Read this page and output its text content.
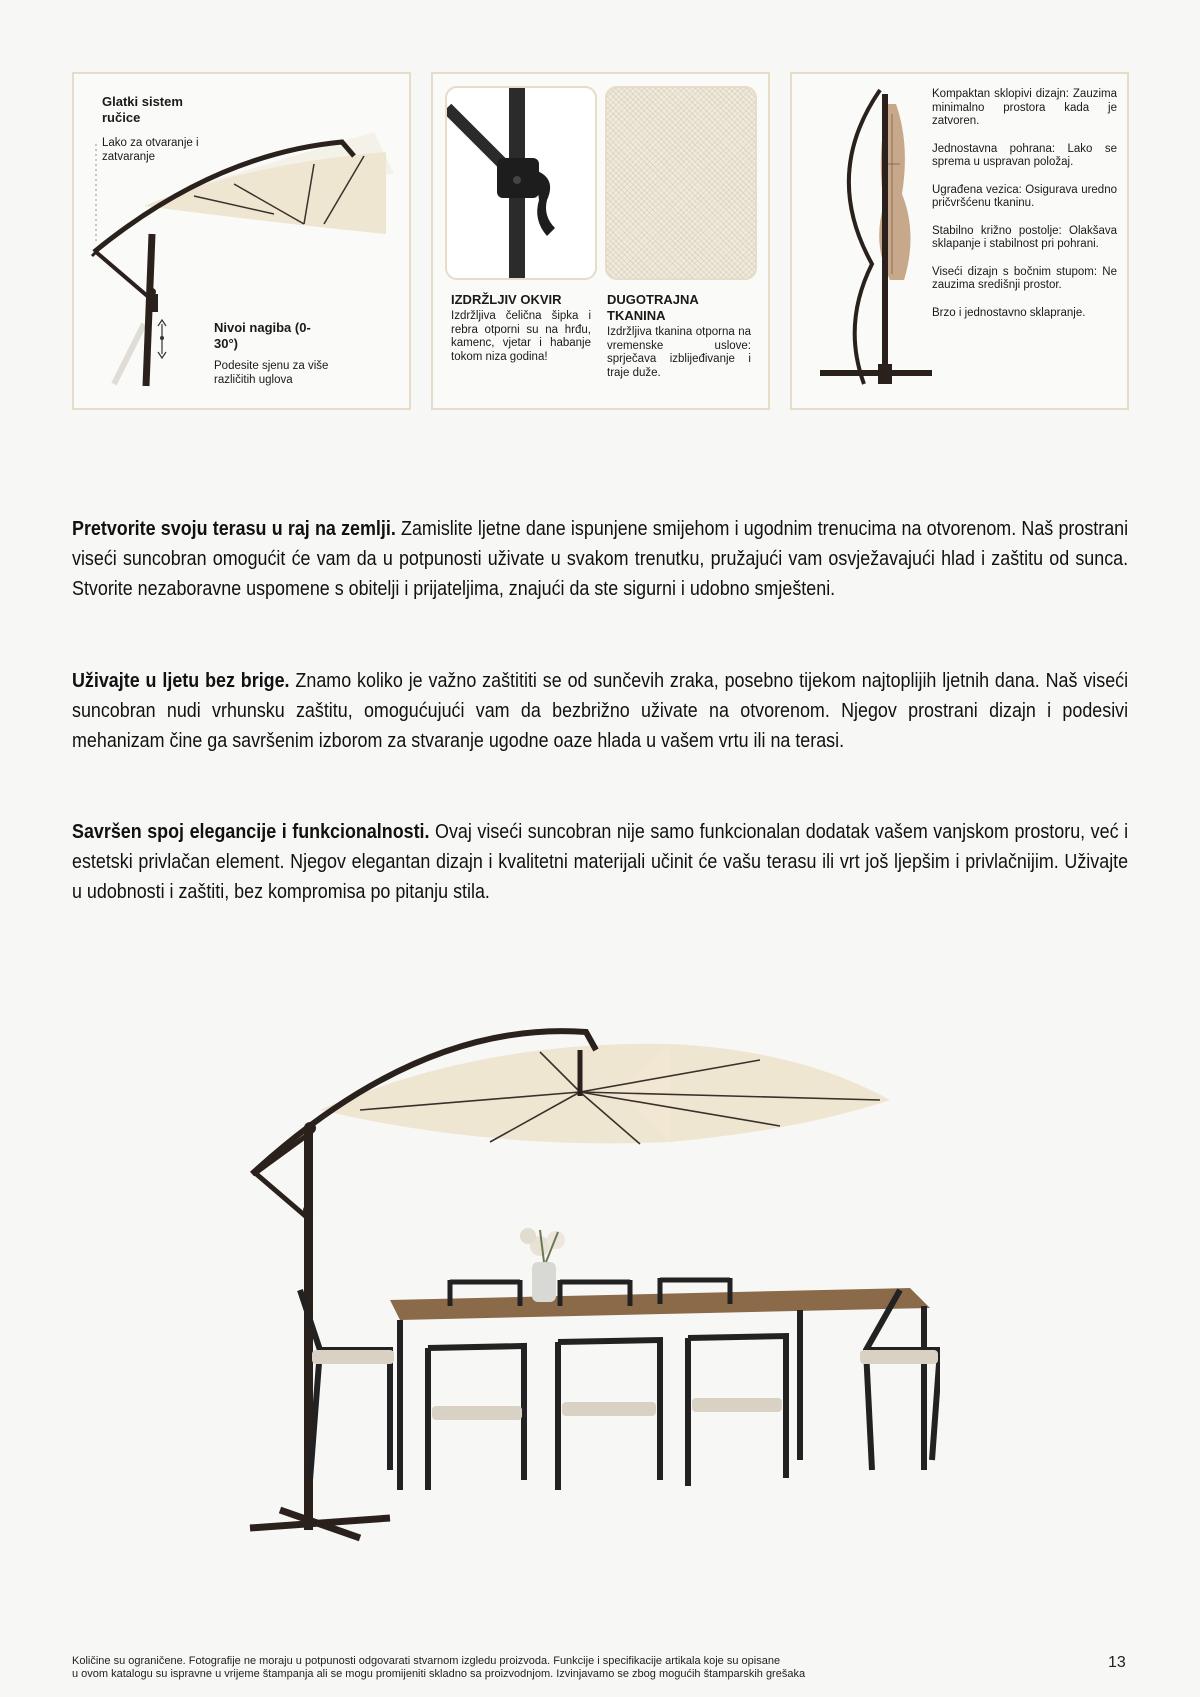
Glatki sistem ručice
Lako za otvaranje i zatvaranje
Nivoi nagiba (0-30°)
Podesite sjenu za više različitih uglova
IZDRŽLJIV OKVIR
Izdržljiva čelična šipka i rebra otporni su na hrđu, kamenc, vjetar i habanje tokom niza godina!
DUGOTRAJNA TKANINA
Izdržljiva tkanina otporna na vremenske uslove: sprječava izblijeđivanje i traje duže.
Kompaktan sklopivi dizajn: Zauzima minimalno prostora kada je zatvoren.
Jednostavna pohrana: Lako se sprema u uspravan položaj.
Ugrađena vezica: Osigurava uredno pričvršćenu tkaninu.
Stabilno križno postolje: Olakšava sklapanje i stabilnost pri pohrani.
Viseći dizajn s bočnim stupom: Ne zauzima središnji prostor.
Brzo i jednostavno sklapranje.
Pretvorite svoju terasu u raj na zemlji. Zamislite ljetne dane ispunjene smijehom i ugodnim trenucima na otvorenom. Naš prostrani viseći suncobran omogućit će vam da u potpunosti uživate u svakom trenutku, pružajući vam osvježavajući hlad i zaštitu od sunca. Stvorite nezaboravne uspomene s obitelji i prijateljima, znajući da ste sigurni i udobno smješteni.
Uživajte u ljetu bez brige. Znamo koliko je važno zaštititi se od sunčevih zraka, posebno tijekom najtoplijih ljetnih dana. Naš viseći suncobran nudi vrhunsku zaštitu, omogućujući vam da bezbrižno uživate na otvorenom. Njegov prostrani dizajn i podesivi mehanizam čine ga savršenim izborom za stvaranje ugodne oaze hlada u vašem vrtu ili na terasi.
Savršen spoj elegancije i funkcionalnosti. Ovaj viseći suncobran nije samo funkcionalan dodatak vašem vanjskom prostoru, već i estetski privlačan element. Njegov elegantan dizajn i kvalitetni materijali učinit će vašu terasu ili vrt još ljepšim i privlačnijim. Uživajte u udobnosti i zaštiti, bez kompromisa po pitanju stila.
Količine su ograničene. Fotografije ne moraju u potpunosti odgovarati stvarnom izgledu proizvoda. Funkcije i specifikacije artikala koje su opisane
u ovom katalogu su ispravne u vrijeme štampanja ali se mogu promijeniti skladno sa proizvodnjom. Izvinjavamo se zbog mogućih štamparskih grešaka
13
